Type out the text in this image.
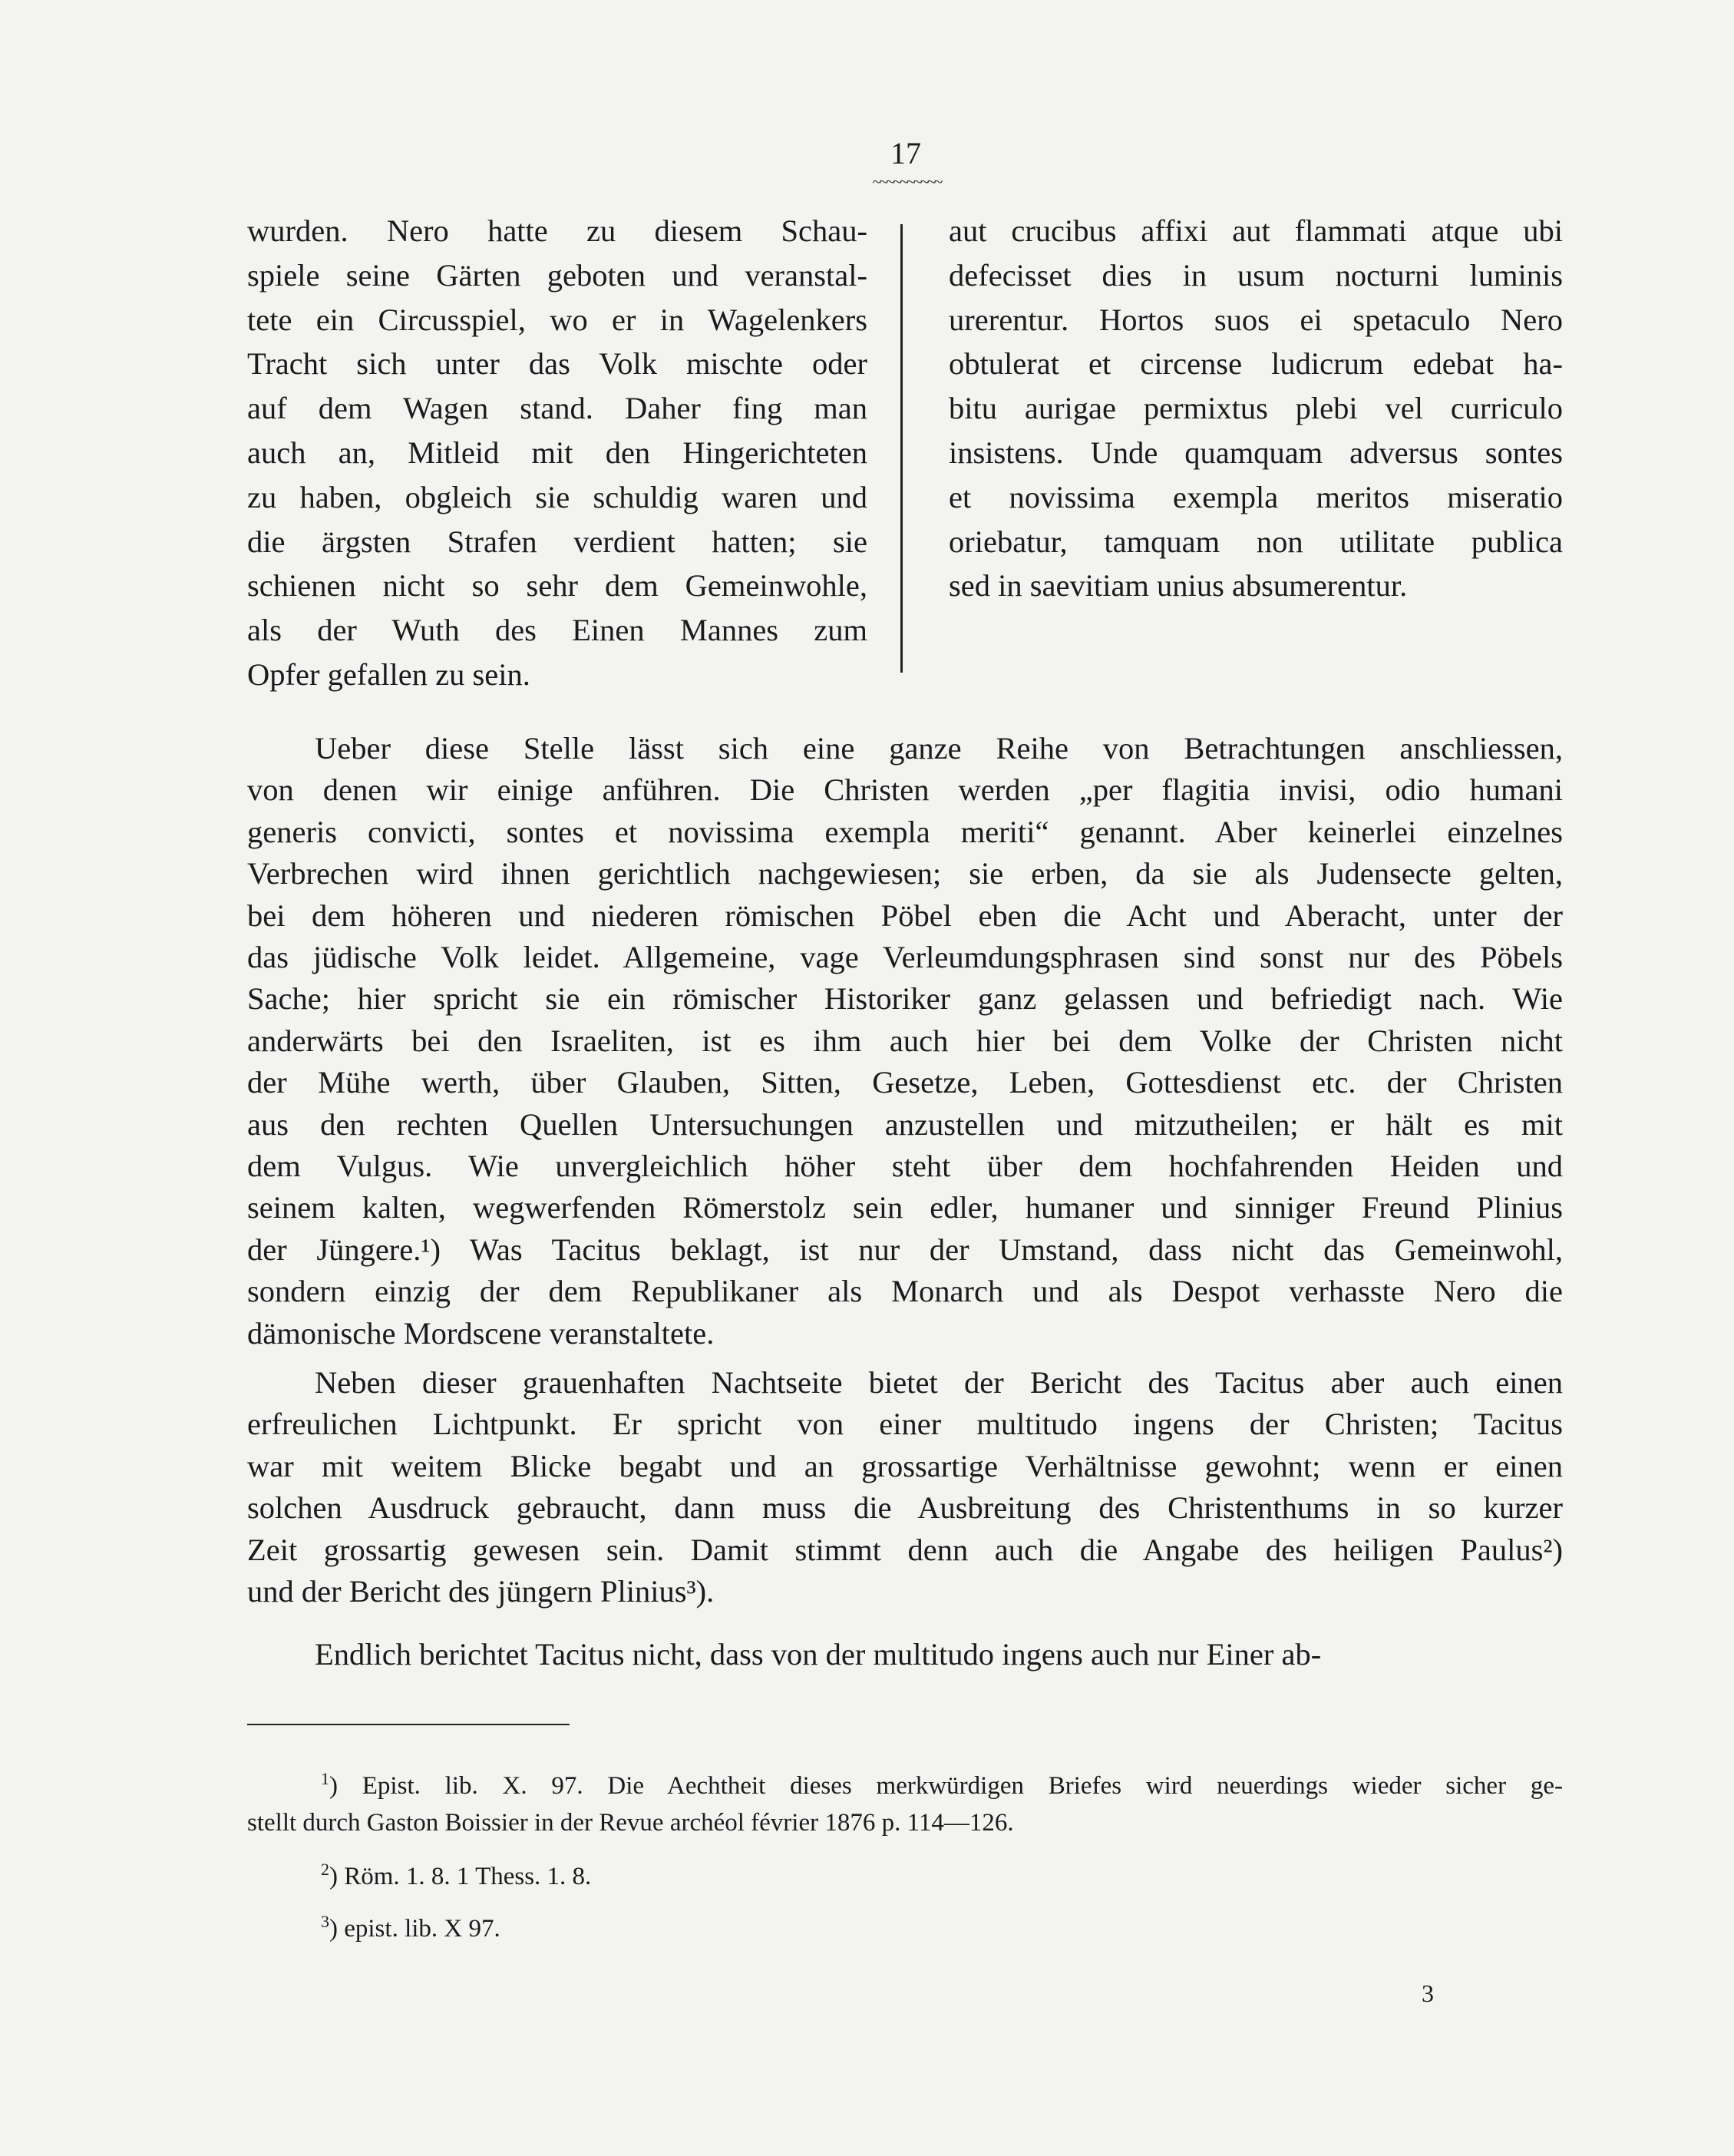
17
~~~~~~~~~~
wurden. Nero hatte zu diesem Schau-
spiele seine Gärten geboten und veranstal-
tete ein Circusspiel, wo er in Wagelenkers
Tracht sich unter das Volk mischte oder
auf dem Wagen stand. Daher fing man
auch an, Mitleid mit den Hingerichteten
zu haben, obgleich sie schuldig waren und
die ärgsten Strafen verdient hatten; sie
schienen nicht so sehr dem Gemeinwohle,
als der Wuth des Einen Mannes zum
Opfer gefallen zu sein.
aut crucibus affixi aut flammati atque ubi
defecisset dies in usum nocturni luminis
urerentur. Hortos suos ei spetaculo Nero
obtulerat et circense ludicrum edebat ha-
bitu aurigae permixtus plebi vel curriculo
insistens. Unde quamquam adversus sontes
et novissima exempla meritos miseratio
oriebatur, tamquam non utilitate publica
sed in saevitiam unius absumerentur.
Ueber diese Stelle lässt sich eine ganze Reihe von Betrachtungen anschliessen,
von denen wir einige anführen. Die Christen werden „per flagitia invisi, odio humani
generis convicti, sontes et novissima exempla meriti“ genannt. Aber keinerlei einzelnes
Verbrechen wird ihnen gerichtlich nachgewiesen; sie erben, da sie als Judensecte gelten,
bei dem höheren und niederen römischen Pöbel eben die Acht und Aberacht, unter der
das jüdische Volk leidet. Allgemeine, vage Verleumdungsphrasen sind sonst nur des Pöbels
Sache; hier spricht sie ein römischer Historiker ganz gelassen und befriedigt nach. Wie
anderwärts bei den Israeliten, ist es ihm auch hier bei dem Volke der Christen nicht
der Mühe werth, über Glauben, Sitten, Gesetze, Leben, Gottesdienst etc. der Christen
aus den rechten Quellen Untersuchungen anzustellen und mitzutheilen; er hält es mit
dem Vulgus. Wie unvergleichlich höher steht über dem hochfahrenden Heiden und
seinem kalten, wegwerfenden Römerstolz sein edler, humaner und sinniger Freund Plinius
der Jüngere.¹) Was Tacitus beklagt, ist nur der Umstand, dass nicht das Gemeinwohl,
sondern einzig der dem Republikaner als Monarch und als Despot verhasste Nero die
dämonische Mordscene veranstaltete.
Neben dieser grauenhaften Nachtseite bietet der Bericht des Tacitus aber auch einen
erfreulichen Lichtpunkt. Er spricht von einer multitudo ingens der Christen; Tacitus
war mit weitem Blicke begabt und an grossartige Verhältnisse gewohnt; wenn er einen
solchen Ausdruck gebraucht, dann muss die Ausbreitung des Christenthums in so kurzer
Zeit grossartig gewesen sein. Damit stimmt denn auch die Angabe des heiligen Paulus²)
und der Bericht des jüngern Plinius³).
Endlich berichtet Tacitus nicht, dass von der multitudo ingens auch nur Einer ab-
$^1$) Epist. lib. X. 97. Die Aechtheit dieses merkwürdigen Briefes wird neuerdings wieder sicher ge-
stellt durch Gaston Boissier in der Revue archéol février 1876 p. 114—126.
$^2$) Röm. 1. 8. 1 Thess. 1. 8.
$^3$) epist. lib. X 97.
3
